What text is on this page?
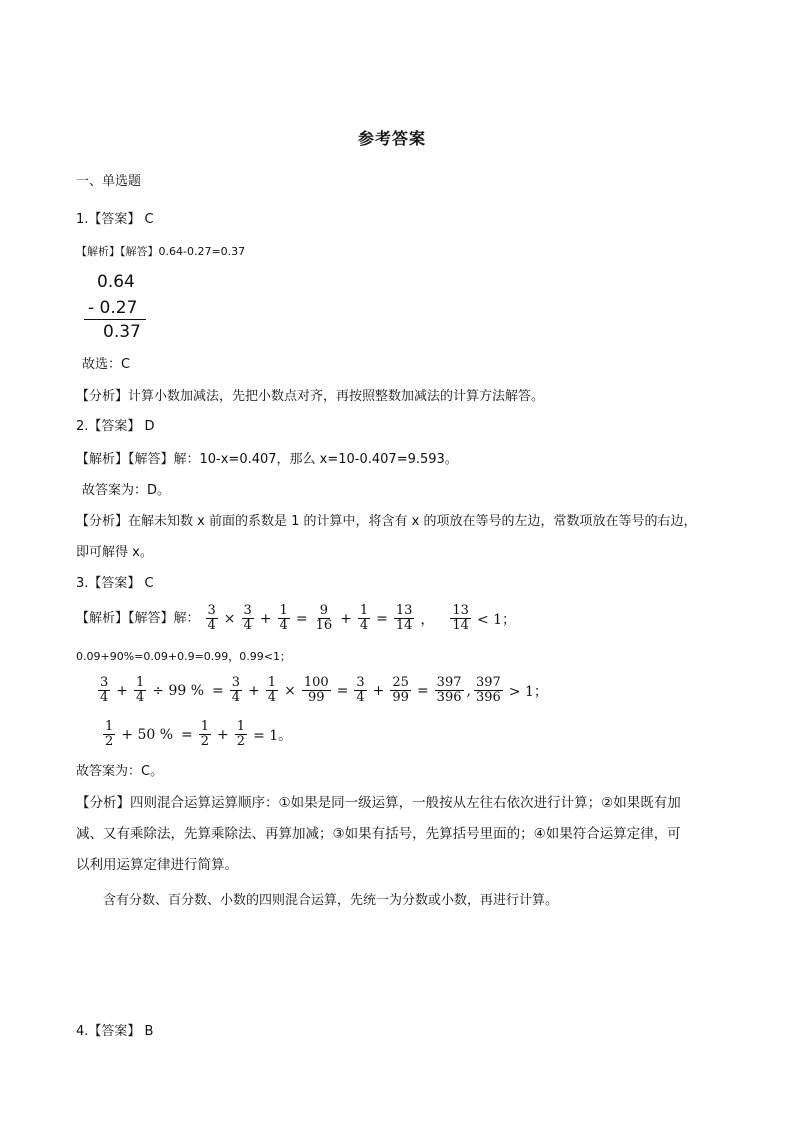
参考答案
一、单选题
1.【答案】 C
【解析】【解答】0.64-0.27=0.37
0.64
- 0.27
0.37
故选：C
【分析】计算小数加减法，先把小数点对齐，再按照整数加减法的计算方法解答。
2.【答案】 D
【解析】【解答】解：10-x=0.407，那么 x=10-0.407=9.593。
故答案为：D。
【分析】在解未知数 x 前面的系数是 1 的计算中，将含有 x 的项放在等号的左边，常数项放在等号的右边，
即可解得 x。
3.【答案】 C
【解析】【解答】解： $\frac{3}{4} \times \frac{3}{4} + \frac{1}{4} = \frac{9}{16} + \frac{1}{4} = \frac{13}{14}$ ， $\frac{13}{14} < 1$；
0.09+90%=0.09+0.9=0.99，0.99<1；
$\frac{3}{4} + \frac{1}{4} \div 99$ % = $\frac{3}{4} + \frac{1}{4} \times \frac{100}{99} = \frac{3}{4} + \frac{25}{99} = \frac{397}{396}$ , $\frac{397}{396} > 1$；
$\frac{1}{2} + 50$ % = $\frac{1}{2} + \frac{1}{2} = 1$。
故答案为：C。
【分析】四则混合运算运算顺序：①如果是同一级运算，一般按从左往右依次进行计算；②如果既有加
减、又有乘除法，先算乘除法、再算加减；③如果有括号，先算括号里面的；④如果符合运算定律，可
以利用运算定律进行简算。
含有分数、百分数、小数的四则混合运算，先统一为分数或小数，再进行计算。
4.【答案】 B
